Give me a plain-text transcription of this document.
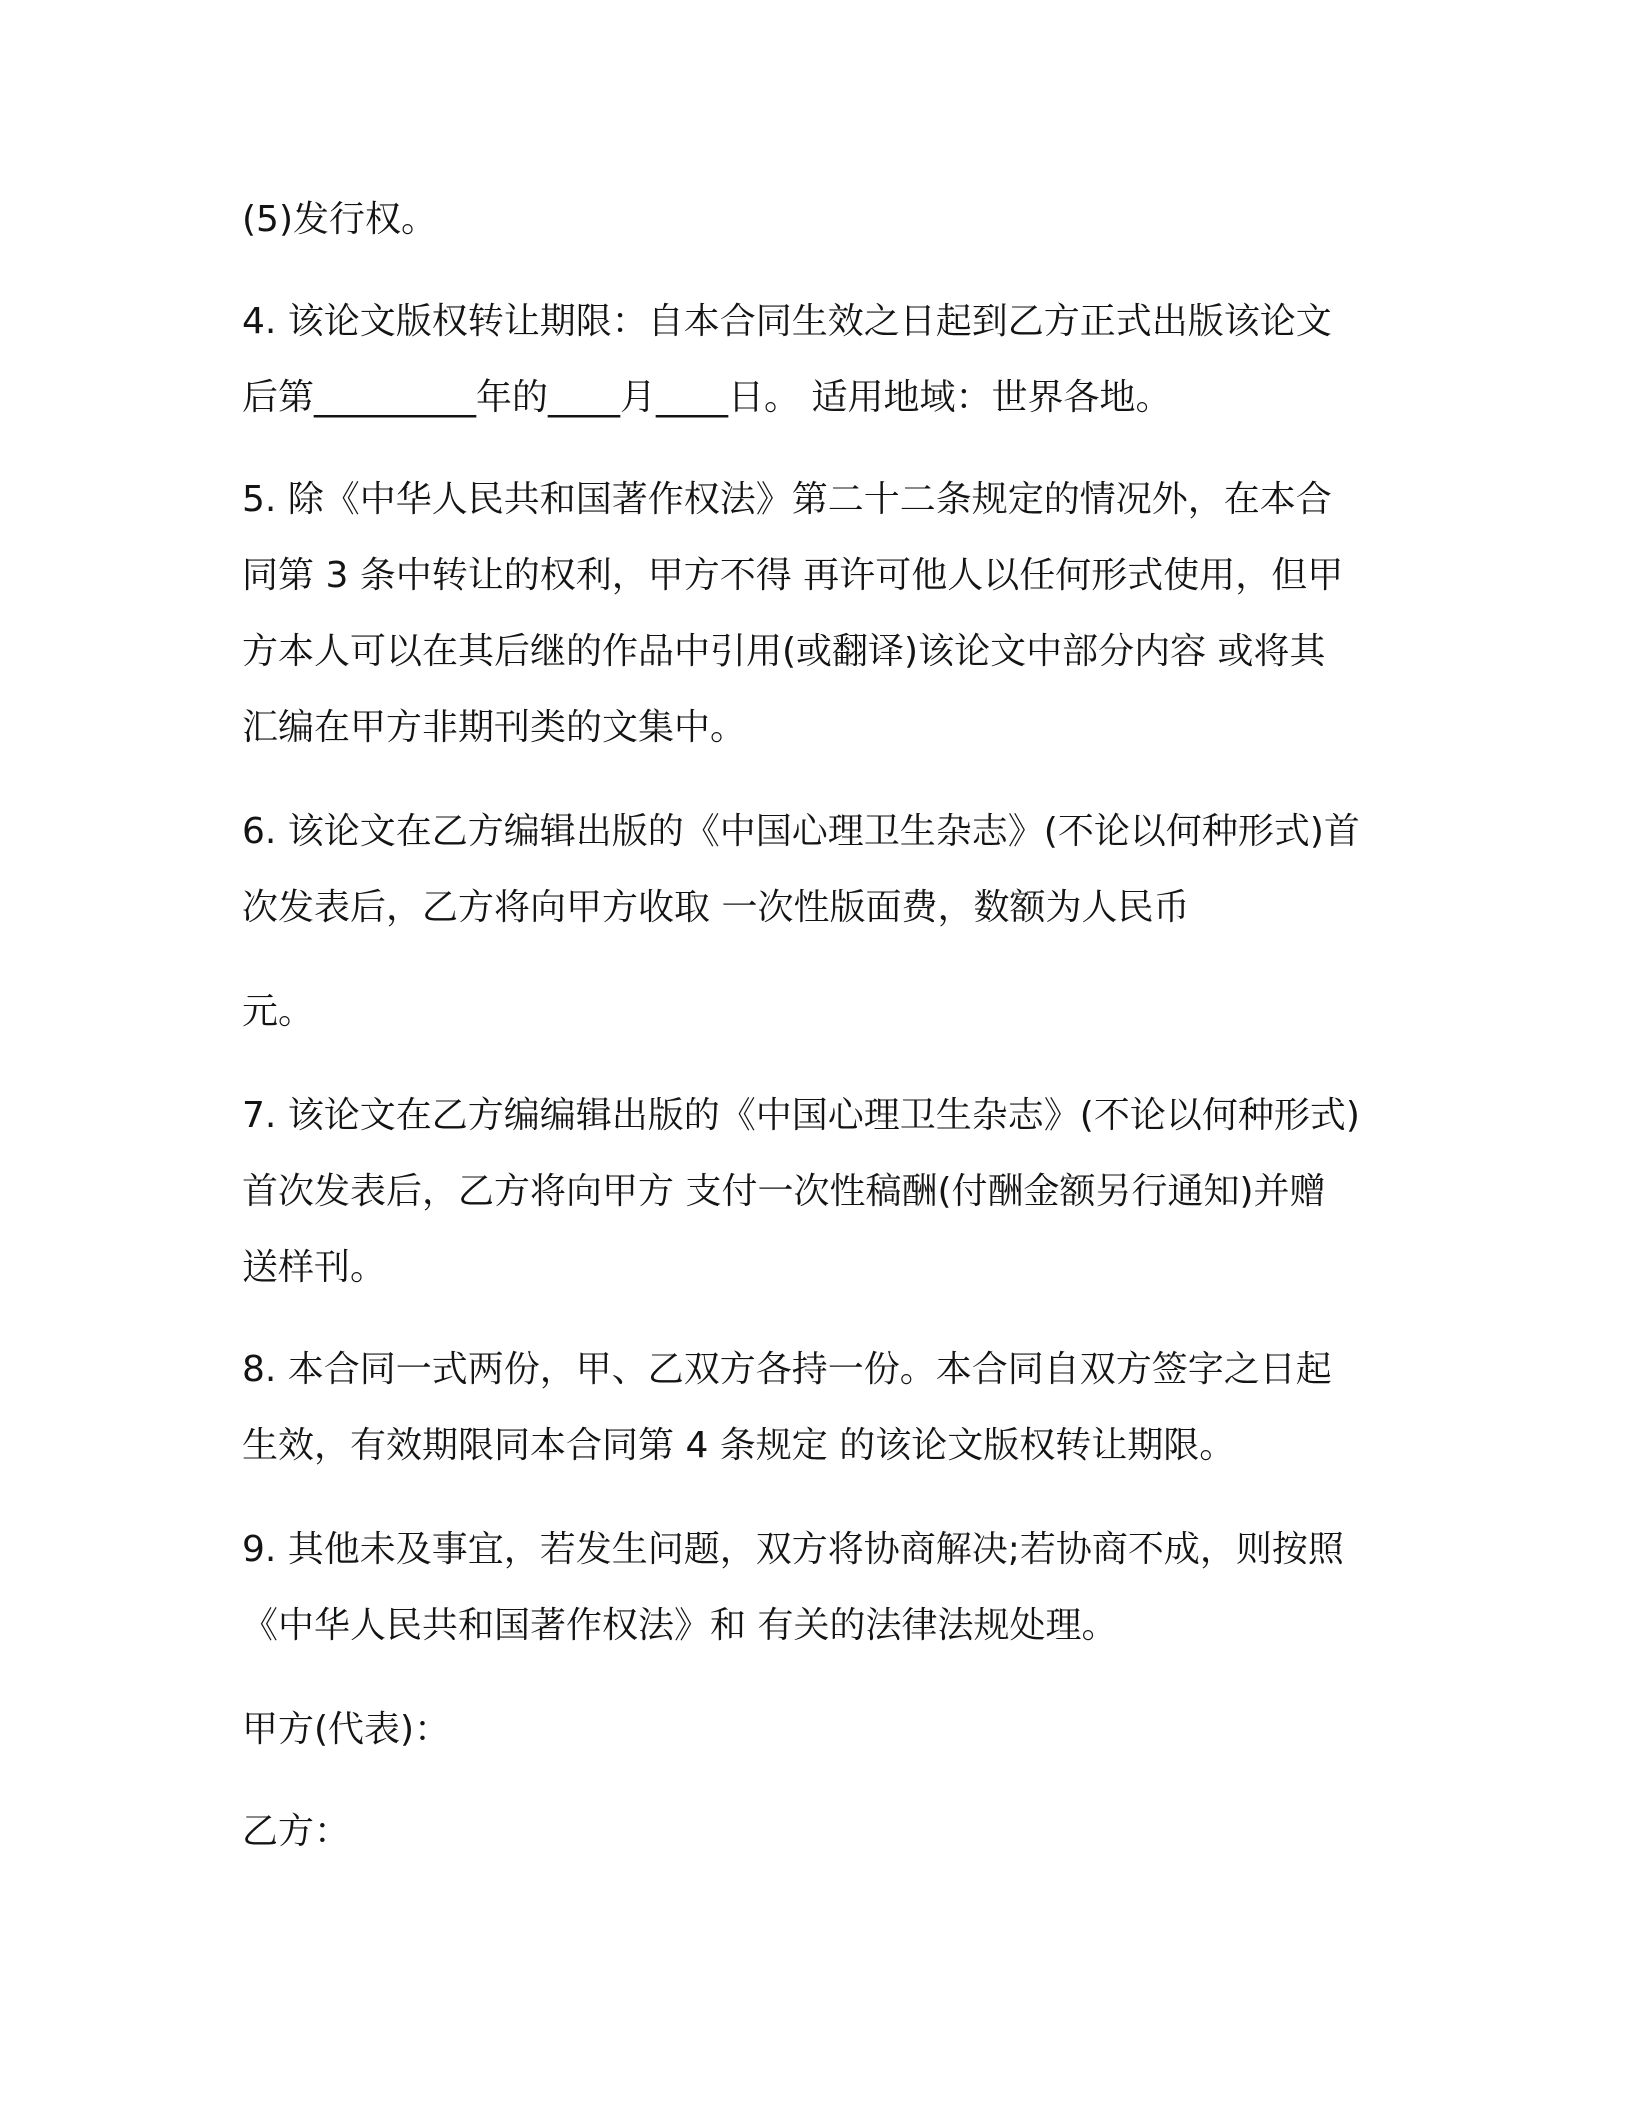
(5)发行权。
4. 该论文版权转让期限：自本合同生效之日起到乙方正式出版该论文
后第_________年的____月____日。 适用地域：世界各地。
5. 除《中华人民共和国著作权法》第二十二条规定的情况外，在本合
同第 3 条中转让的权利，甲方不得 再许可他人以任何形式使用，但甲
方本人可以在其后继的作品中引用(或翻译)该论文中部分内容 或将其
汇编在甲方非期刊类的文集中。
6. 该论文在乙方编辑出版的《中国心理卫生杂志》(不论以何种形式)首
次发表后，乙方将向甲方收取 一次性版面费，数额为人民币
元。
7. 该论文在乙方编编辑出版的《中国心理卫生杂志》(不论以何种形式)
首次发表后，乙方将向甲方 支付一次性稿酬(付酬金额另行通知)并赠
送样刊。
8. 本合同一式两份，甲、乙双方各持一份。本合同自双方签字之日起
生效，有效期限同本合同第 4 条规定 的该论文版权转让期限。
9. 其他未及事宜，若发生问题，双方将协商解决;若协商不成，则按照
《中华人民共和国著作权法》和 有关的法律法规处理。
甲方(代表)：
乙方：
